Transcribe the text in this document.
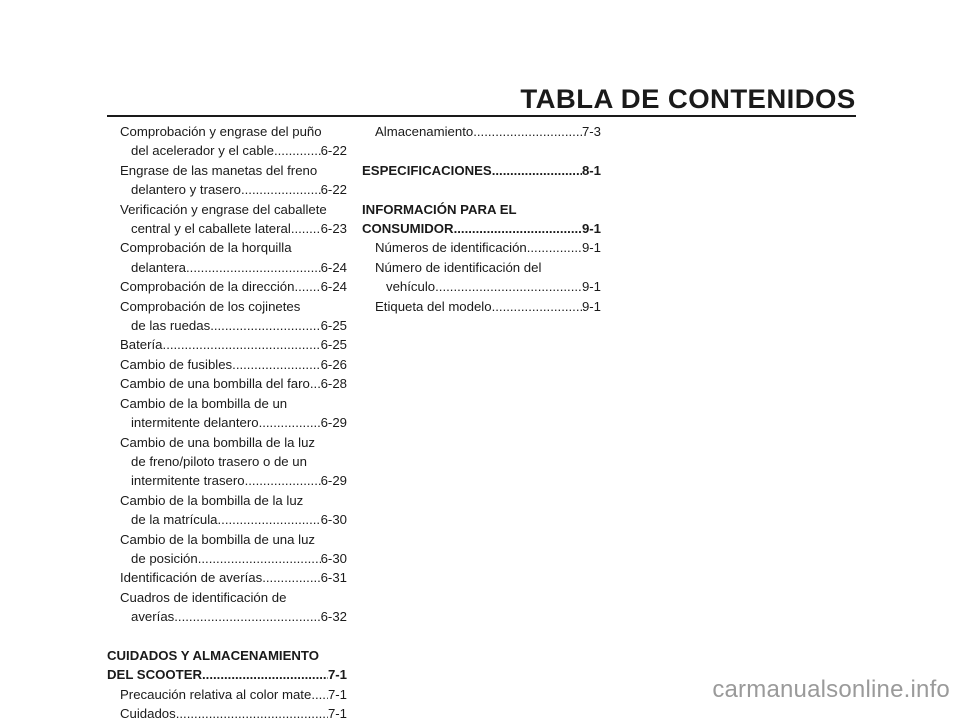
TABLA DE CONTENIDOS
Comprobación y engrase del puño
del acelerador y el cable .....	6-22
Engrase de las manetas del freno
delantero y trasero .....	6-22
Verificación y engrase del caballete
central y el caballete lateral ..... 6-23
Comprobación de la horquilla
delantera .....	6-24
Comprobación de la dirección ..... 6-24
Comprobación de los cojinetes
de las ruedas .....	6-25
Batería .....	6-25
Cambio de fusibles .....	6-26
Cambio de una bombilla del faro ..... 6-28
Cambio de la bombilla de un
intermitente delantero .....	6-29
Cambio de una bombilla de la luz
de freno/piloto trasero o de un
intermitente trasero .....	6-29
Cambio de la bombilla de la luz
de la matrícula .....	6-30
Cambio de la bombilla de una luz
de posición .....	6-30
Identificación de averías .....	6-31
Cuadros de identificación de
averías .....	6-32
CUIDADOS Y ALMACENAMIENTO
DEL SCOOTER .....	7-1
Precaución relativa al color mate ..... 7-1
Cuidados .....	7-1
Almacenamiento .....	7-3
ESPECIFICACIONES .....	8-1
INFORMACIÓN PARA EL
CONSUMIDOR .....	9-1
Números de identificación .....	9-1
Número de identificación del
vehículo .....	9-1
Etiqueta del modelo .....	9-1
carmanualsonline.info
